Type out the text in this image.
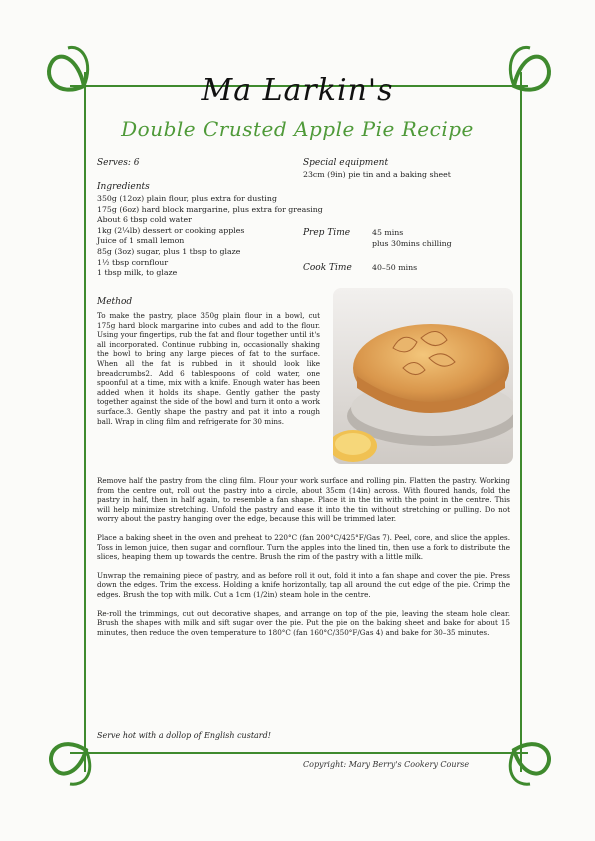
Ma Larkin's
Double Crusted Apple Pie Recipe
Serves: 6	Special equipment
23cm (9in) pie tin and a baking sheet
Ingredients
350g (12oz) plain flour, plus extra for dusting
175g (6oz) hard block margarine, plus extra for greasing
About 6 tbsp cold water
1kg (2¼lb) dessert or cooking apples
Juice of 1 small lemon
85g (3oz) sugar, plus 1 tbsp to glaze
1½ tbsp cornflour
1 tbsp milk, to glaze
Prep Time	45 mins
plus 30mins chilling
Cook Time	40–50 mins
Method
To make the pastry, place 350g plain flour in a bowl, cut 175g hard block margarine into cubes and add to the flour. Using your fingertips, rub the fat and flour together until it's all incorporated. Continue rubbing in, occasionally shaking the bowl to bring any large pieces of fat to the surface. When all the fat is rubbed in it should look like breadcrumbs2. Add 6 tablespoons of cold water, one spoonful at a time, mix with a knife. Enough water has been added when it holds its shape. Gently gather the pasty together against the side of the bowl and turn it onto a work surface.3. Gently shape the pastry and pat it into a rough ball. Wrap in cling film and refrigerate for 30 mins.

Remove half the pastry from the cling film. Flour your work surface and rolling pin. Flatten the pastry. Working from the centre out, roll out the pastry into a circle, about 35cm (14in) across. With floured hands, fold the pastry in half, then in half again, to resemble a fan shape. Place it in the tin with the point in the centre. This will help minimize stretching. Unfold the pastry and ease it into the tin without stretching or pulling. Do not worry about the pastry hanging over the edge, because this will be trimmed later.

Place a baking sheet in the oven and preheat to 220°C (fan 200°C/425°F/Gas 7). Peel, core, and slice the apples. Toss in lemon juice, then sugar and cornflour. Turn the apples into the lined tin, then use a fork to distribute the slices, heaping them up towards the centre. Brush the rim of the pastry with a little milk.

Unwrap the remaining piece of pastry, and as before roll it out, fold it into a fan shape and cover the pie. Press down the edges. Trim the excess. Holding a knife horizontally, tap all around the cut edge of the pie. Crimp the edges. Brush the top with milk. Cut a 1cm (1/2in) steam hole in the centre.

Re-roll the trimmings, cut out decorative shapes, and arrange on top of the pie, leaving the steam hole clear. Brush the shapes with milk and sift sugar over the pie. Put the pie on the baking sheet and bake for about 15 minutes, then reduce the oven temperature to 180°C (fan 160°C/350°F/Gas 4) and bake for 30–35 minutes.

Serve hot with a dollop of English custard!
Copyright: Mary Berry's Cookery Course
